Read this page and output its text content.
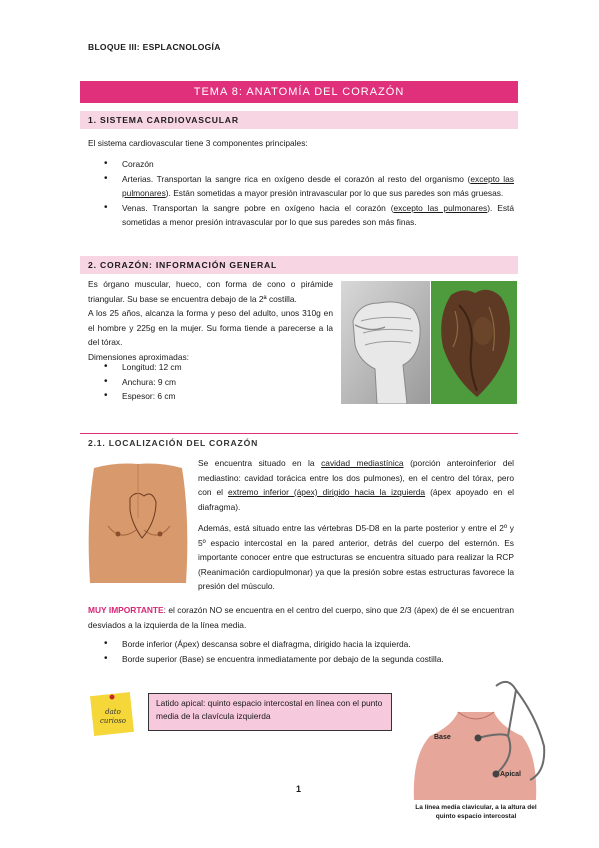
BLOQUE III: ESPLACNOLOGÍA
TEMA 8: ANATOMÍA DEL CORAZÓN
1. SISTEMA CARDIOVASCULAR
El sistema cardiovascular tiene 3 componentes principales:
• Corazón
• Arterias. Transportan la sangre rica en oxígeno desde el corazón al resto del organismo (excepto las pulmonares). Están sometidas a mayor presión intravascular por lo que sus paredes son más gruesas.
• Venas. Transportan la sangre pobre en oxígeno hacia el corazón (excepto las pulmonares). Está sometidas a menor presión intravascular por lo que sus paredes son más finas.
2. CORAZÓN: INFORMACIÓN GENERAL
Es órgano muscular, hueco, con forma de cono o pirámide triangular. Su base se encuentra debajo de la 2ª costilla.
A los 25 años, alcanza la forma y peso del adulto, unos 310g en el hombre y 225g en la mujer. Su forma tiende a parecerse a la del tórax.
Dimensiones aproximadas:
• Longitud: 12 cm
• Anchura: 9 cm
• Espesor: 6 cm
2.1. LOCALIZACIÓN DEL CORAZÓN
Se encuentra situado en la cavidad mediastínica (porción anteroinferior del mediastino: cavidad torácica entre los dos pulmones), en el centro del tórax, pero con el extremo inferior (ápex) dirigido hacia la izquierda (ápex apoyado en el diafragma).
Además, está situado entre las vértebras D5-D8 en la parte posterior y entre el 2º y 5º espacio intercostal en la pared anterior, detrás del cuerpo del esternón. Es importante conocer entre que estructuras se encuentra situado para realizar la RCP (Reanimación cardiopulmonar) ya que la presión sobre estas estructuras favorece la presión del músculo.
MUY IMPORTANTE: el corazón NO se encuentra en el centro del cuerpo, sino que 2/3 (ápex) de él se encuentran desviados a la izquierda de la línea media.
• Borde inferior (Ápex) descansa sobre el diafragma, dirigido hacia la izquierda.
• Borde superior (Base) se encuentra inmediatamente por debajo de la segunda costilla.
dato
curioso
Latido apical: quinto espacio intercostal en línea con el punto media de la clavícula izquierda
Base
Apical
1
La línea media clavicular, a la altura del quinto espacio intercostal
